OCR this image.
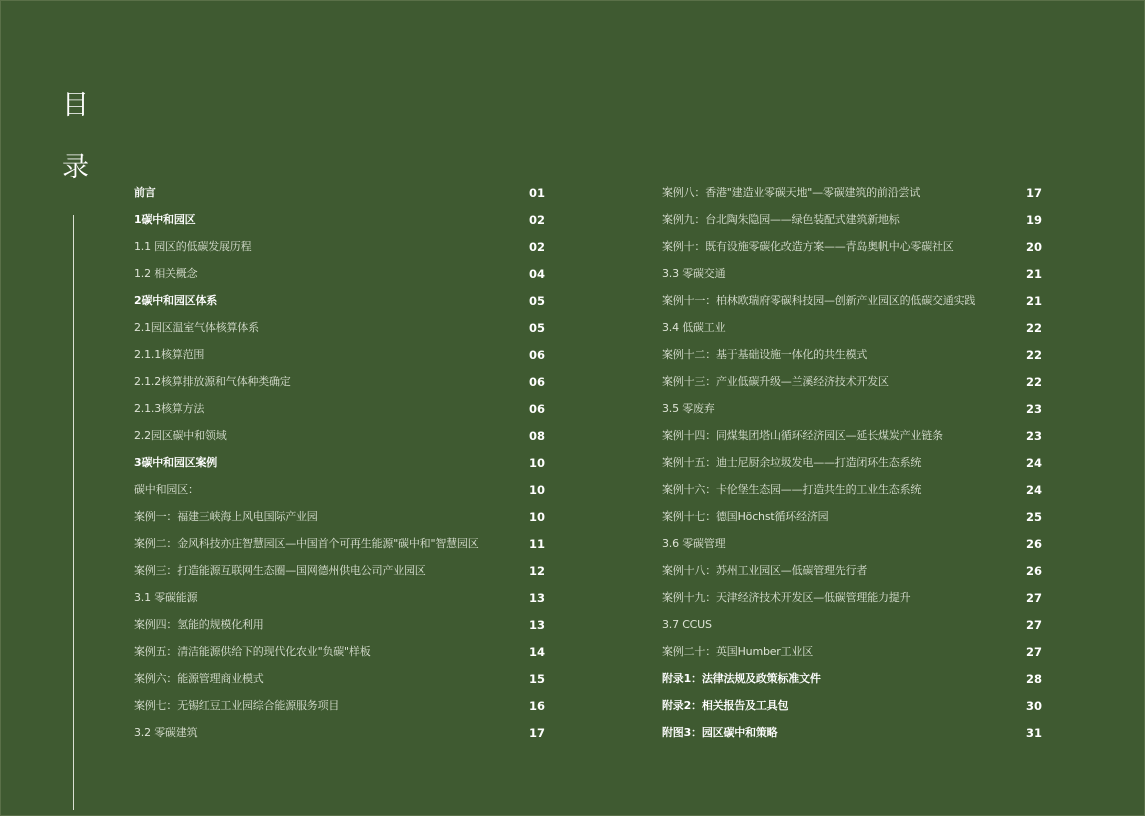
目
录
前言	01
1碳中和园区	02
1.1 园区的低碳发展历程	02
1.2 相关概念	04
2碳中和园区体系	05
2.1园区温室气体核算体系	05
2.1.1核算范围	06
2.1.2核算排放源和气体种类确定	06
2.1.3核算方法	06
2.2园区碳中和领域	08
3碳中和园区案例	10
碳中和园区：	10
案例一：福建三峡海上风电国际产业园	10
案例二：金风科技亦庄智慧园区—中国首个可再生能源"碳中和"智慧园区	11
案例三：打造能源互联网生态圈—国网德州供电公司产业园区	12
3.1 零碳能源	13
案例四：氢能的规模化利用	13
案例五：清洁能源供给下的现代化农业"负碳"样板	14
案例六：能源管理商业模式	15
案例七：无锡红豆工业园综合能源服务项目	16
3.2 零碳建筑	17
案例八：香港"建造业零碳天地"—零碳建筑的前沿尝试	17
案例九：台北陶朱隐园——绿色装配式建筑新地标	19
案例十：既有设施零碳化改造方案——青岛奥帆中心零碳社区	20
3.3 零碳交通	21
案例十一：柏林欧瑞府零碳科技园—创新产业园区的低碳交通实践	21
3.4 低碳工业	22
案例十二：基于基础设施一体化的共生模式	22
案例十三：产业低碳升级—兰溪经济技术开发区	22
3.5 零废弃	23
案例十四：同煤集团塔山循环经济园区—延长煤炭产业链条	23
案例十五：迪士尼厨余垃圾发电——打造闭环生态系统	24
案例十六：卡伦堡生态园——打造共生的工业生态系统	24
案例十七：德国Höchst循环经济园	25
3.6 零碳管理	26
案例十八：苏州工业园区—低碳管理先行者	26
案例十九：天津经济技术开发区—低碳管理能力提升	27
3.7 CCUS	27
案例二十：英国Humber工业区	27
附录1：法律法规及政策标准文件	28
附录2：相关报告及工具包	30
附图3：园区碳中和策略	31
